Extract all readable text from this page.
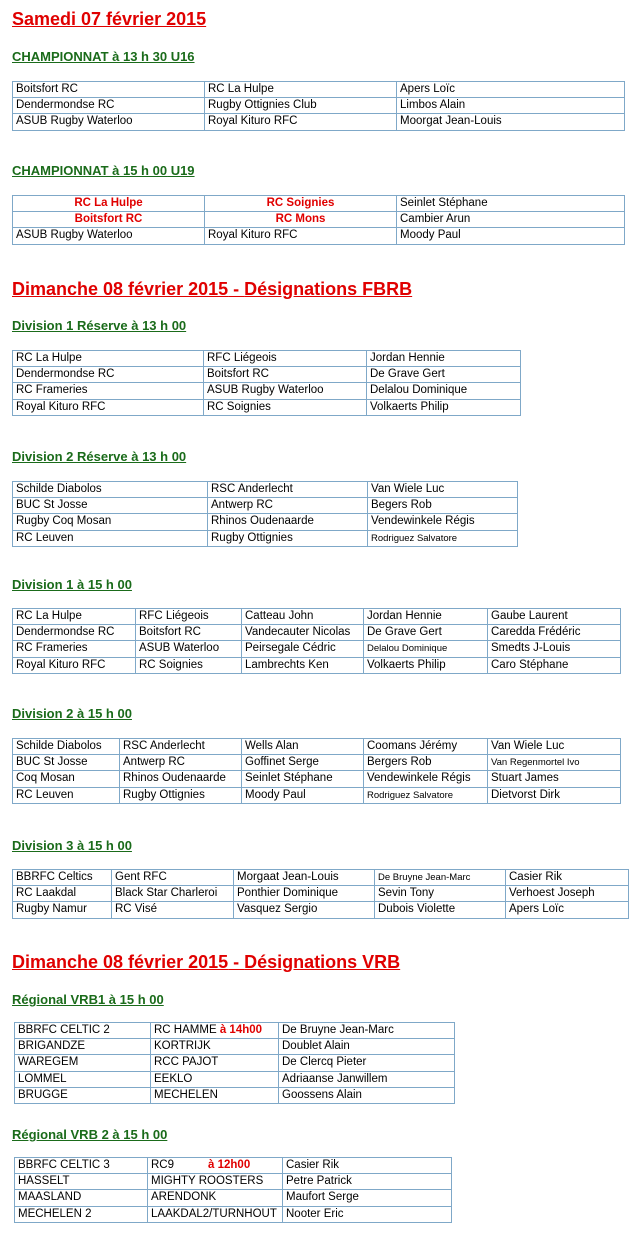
Samedi 07 février 2015
CHAMPIONNAT à 13 h 30 U16
Boitsfort RC	RC La Hulpe	Apers Loïc
Dendermondse RC	Rugby Ottignies Club	Limbos Alain
ASUB Rugby Waterloo	Royal Kituro RFC	Moorgat Jean-Louis
CHAMPIONNAT à 15 h 00 U19
RC La Hulpe	RC Soignies	Seinlet Stéphane
Boitsfort RC	RC Mons	Cambier Arun
ASUB Rugby Waterloo	Royal Kituro RFC	Moody Paul
Dimanche 08 février 2015 - Désignations FBRB
Division 1 Réserve à 13 h 00
RC La Hulpe	RFC Liégeois	Jordan Hennie
Dendermondse RC	Boitsfort RC	De Grave Gert
RC Frameries	ASUB Rugby Waterloo	Delalou Dominique
Royal Kituro RFC	RC Soignies	Volkaerts Philip
Division 2 Réserve à 13 h 00
Schilde Diabolos	RSC Anderlecht	Van Wiele Luc
BUC St Josse	Antwerp RC	Begers Rob
Rugby Coq Mosan	Rhinos Oudenaarde	Vendewinkele Régis
RC Leuven	Rugby Ottignies	Rodriguez Salvatore
Division 1 à 15 h 00
RC La Hulpe	RFC Liégeois	Catteau John	Jordan Hennie	Gaube Laurent
Dendermondse RC	Boitsfort RC	Vandecauter Nicolas	De Grave Gert	Caredda Frédéric
RC Frameries	ASUB Waterloo	Peirsegale Cédric	Delalou Dominique	Smedts J-Louis
Royal Kituro RFC	RC Soignies	Lambrechts Ken	Volkaerts Philip	Caro Stéphane
Division 2 à 15 h 00
Schilde Diabolos	RSC Anderlecht	Wells Alan	Coomans Jérémy	Van Wiele Luc
BUC St Josse	Antwerp RC	Goffinet Serge	Bergers Rob	Van Regenmortel Ivo
Coq Mosan	Rhinos Oudenaarde	Seinlet Stéphane	Vendewinkele Régis	Stuart James
RC Leuven	Rugby Ottignies	Moody Paul	Rodriguez Salvatore	Dietvorst Dirk
Division 3 à 15 h 00
BBRFC Celtics	Gent RFC	Morgaat Jean-Louis	De Bruyne Jean-Marc	Casier Rik
RC Laakdal	Black Star Charleroi	Ponthier Dominique	Sevin Tony	Verhoest Joseph
Rugby Namur	RC Visé	Vasquez Sergio	Dubois Violette	Apers Loïc
Dimanche 08 février 2015 - Désignations VRB
Régional VRB1 à 15 h 00
BBRFC CELTIC 2	RC HAMME à 14h00	De Bruyne Jean-Marc
BRIGANDZE	KORTRIJK	Doublet Alain
WAREGEM	RCC PAJOT	De Clercq Pieter
LOMMEL	EEKLO	Adriaanse Janwillem
BRUGGE	MECHELEN	Goossens Alain
Régional VRB 2 à 15 h 00
BBRFC CELTIC 3	RC9 à 12h00	Casier Rik
HASSELT	MIGHTY ROOSTERS	Petre Patrick
MAASLAND	ARENDONK	Maufort Serge
MECHELEN 2	LAAKDAL2/TURNHOUT	Nooter Eric
